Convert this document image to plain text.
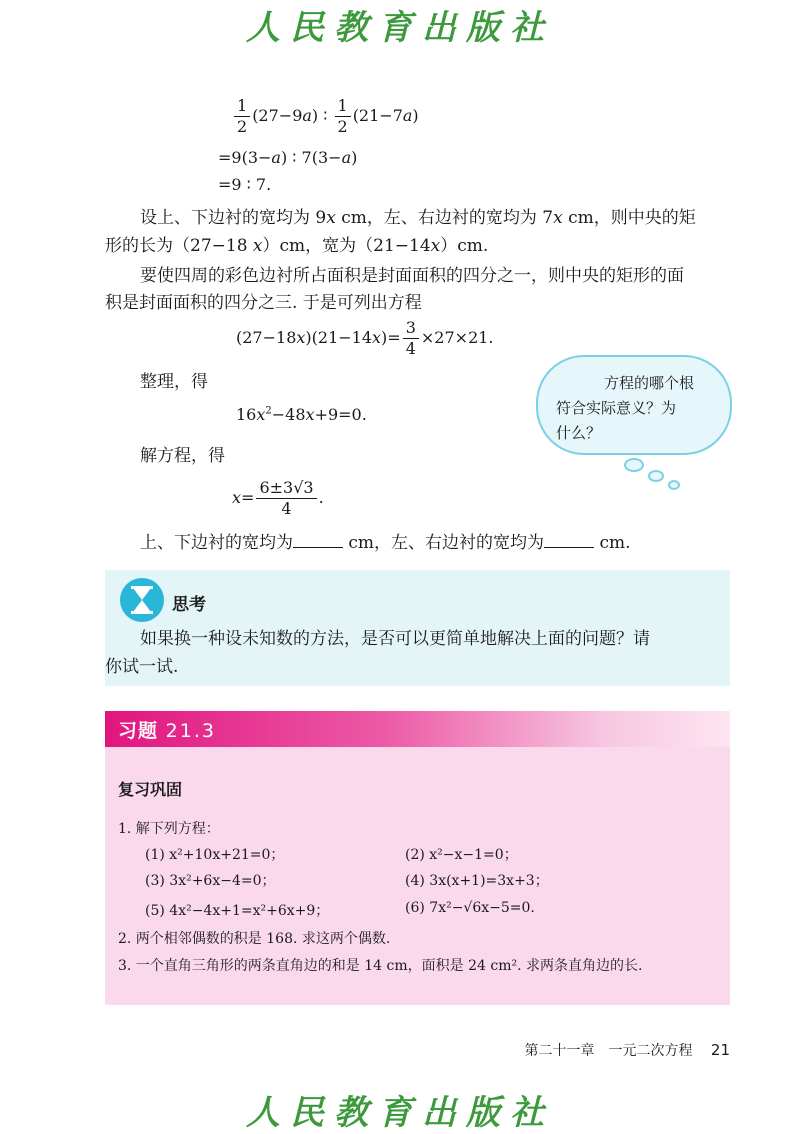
人民教育出版社
$\frac{1}{2} (27-9a)$ ∶ $\frac{1}{2} (21-7a)$
=9(3−a) ∶ 7(3−a)
=9 ∶ 7.
设上、下边衬的宽均为 9x cm，左、右边衬的宽均为 7x cm，则中央的矩
形的长为（27−18 x）cm，宽为（21−14x）cm.
要使四周的彩色边衬所占面积是封面面积的四分之一，则中央的矩形的面
积是封面面积的四分之三. 于是可列出方程
$(27-18x)(21-14x)= \frac{3}{4} \times 27\times 21$.
整理，得
$16x^2-48x+9=0$.
解方程，得
$x= \frac{6\pm 3√3}{4}$ .
上、下边衬的宽均为	cm，左、右边衬的宽均为	cm.
方程的哪个根
符合实际意义？为
什么？
思考
如果换一种设未知数的方法，是否可以更简单地解决上面的问题？请
你试一试.
习题 21.3
复习巩固
1. 解下列方程：
(1) x²+10x+21=0；	(2) x²−x−1=0；
(3) 3x²+6x−4=0；	(4) 3x(x+1)=3x+3；
(5) 4x²−4x+1=x²+6x+9；	(6) 7x²−√6x−5=0.
2. 两个相邻偶数的积是 168. 求这两个偶数.
3. 一个直角三角形的两条直角边的和是 14 cm，面积是 24 cm². 求两条直角边的长.
第二十一章　一元二次方程 21
人民教育出版社
